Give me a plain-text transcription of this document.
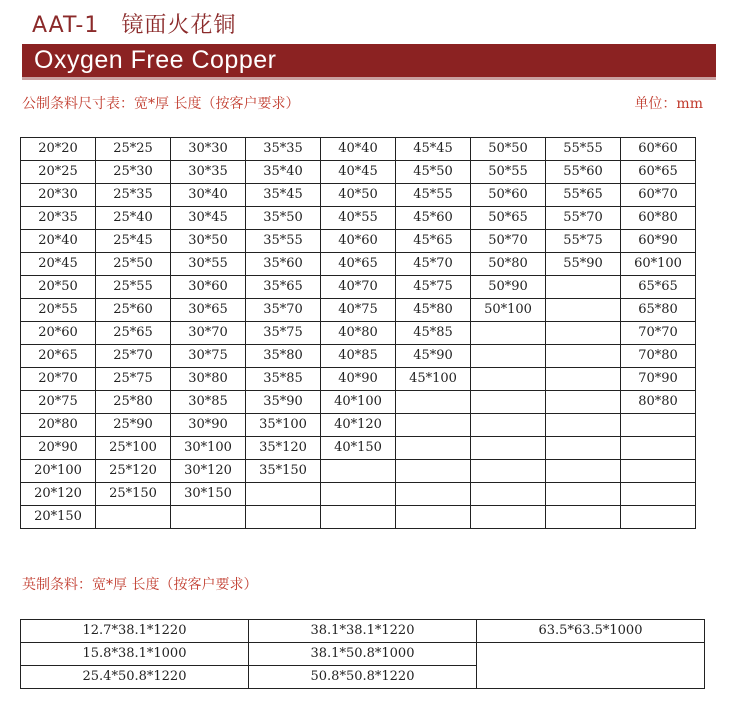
AAT-1 镜面火花铜
Oxygen Free Copper
公制条料尺寸表：宽*厚 长度（按客户要求）	单位：mm
20*20	25*25	30*30	35*35	40*40	45*45	50*50	55*55	60*60
20*25	25*30	30*35	35*40	40*45	45*50	50*55	55*60	60*65
20*30	25*35	30*40	35*45	40*50	45*55	50*60	55*65	60*70
20*35	25*40	30*45	35*50	40*55	45*60	50*65	55*70	60*80
20*40	25*45	30*50	35*55	40*60	45*65	50*70	55*75	60*90
20*45	25*50	30*55	35*60	40*65	45*70	50*80	55*90	60*100
20*50	25*55	30*60	35*65	40*70	45*75	50*90		65*65
20*55	25*60	30*65	35*70	40*75	45*80	50*100		65*80
20*60	25*65	30*70	35*75	40*80	45*85			70*70
20*65	25*70	30*75	35*80	40*85	45*90			70*80
20*70	25*75	30*80	35*85	40*90	45*100			70*90
20*75	25*80	30*85	35*90	40*100				80*80
20*80	25*90	30*90	35*100	40*120				
20*90	25*100	30*100	35*120	40*150				
20*100	25*120	30*120	35*150					
20*120	25*150	30*150						
20*150								
英制条料：宽*厚 长度（按客户要求）
12.7*38.1*1220	38.1*38.1*1220	63.5*63.5*1000
15.8*38.1*1000	38.1*50.8*1000	
25.4*50.8*1220	50.8*50.8*1220	
